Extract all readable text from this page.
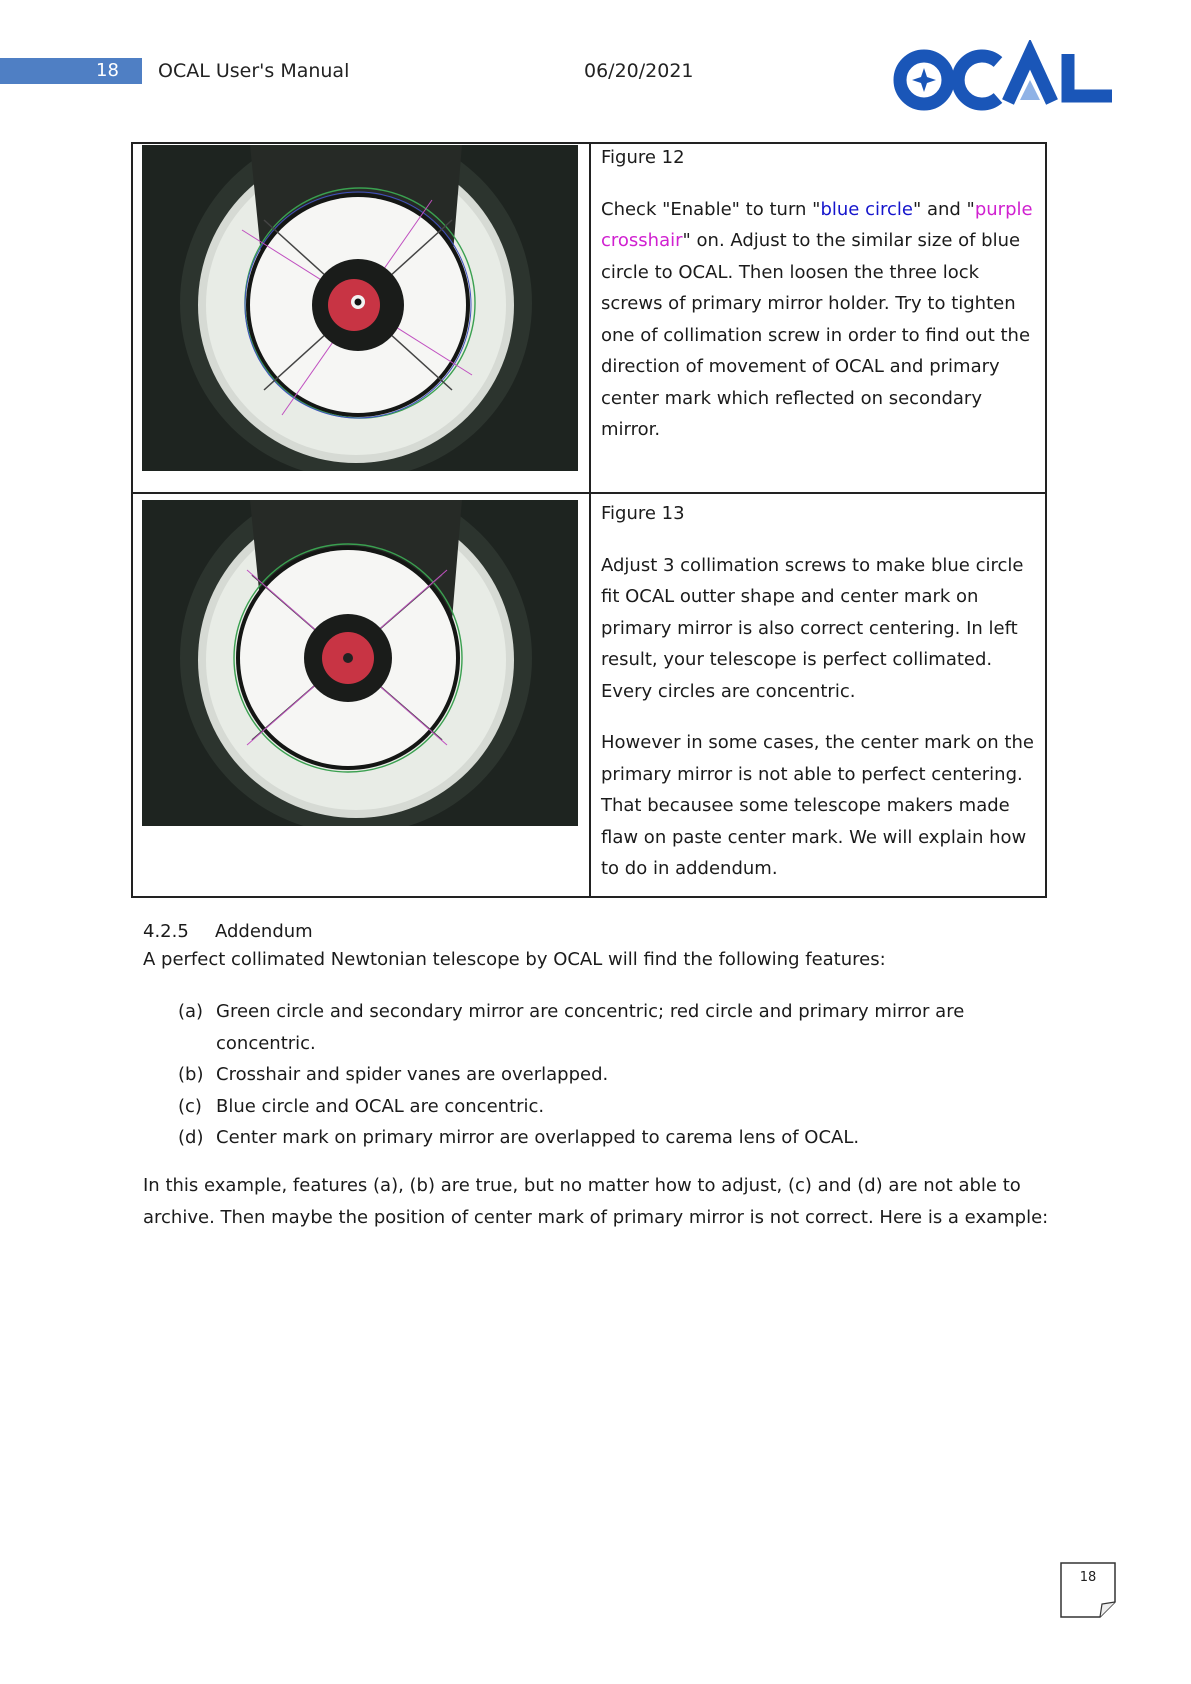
18	OCAL User's Manual	06/20/2021
OCAL

Figure 12

Check "Enable" to turn "blue circle" and "purple crosshair" on. Adjust to the similar size of blue circle to OCAL. Then loosen the three lock screws of primary mirror holder. Try to tighten one of collimation screw in order to find out the direction of movement of OCAL and primary center mark which reflected on secondary mirror.

Figure 13

Adjust 3 collimation screws to make blue circle fit OCAL outter shape and center mark on primary mirror is also correct centering. In left result, your telescope is perfect collimated. Every circles are concentric.

However in some cases, the center mark on the primary mirror is not able to perfect centering. That becausee some telescope makers made flaw on paste center mark. We will explain how to do in addendum.

4.2.5	Addendum
A perfect collimated Newtonian telescope by OCAL will find the following features:
(a) Green circle and secondary mirror are concentric; red circle and primary mirror are concentric.
(b) Crosshair and spider vanes are overlapped.
(c) Blue circle and OCAL are concentric.
(d) Center mark on primary mirror are overlapped to carema lens of OCAL.
In this example, features (a), (b) are true, but no matter how to adjust, (c) and (d) are not able to archive. Then maybe the position of center mark of primary mirror is not correct. Here is a example:
18
